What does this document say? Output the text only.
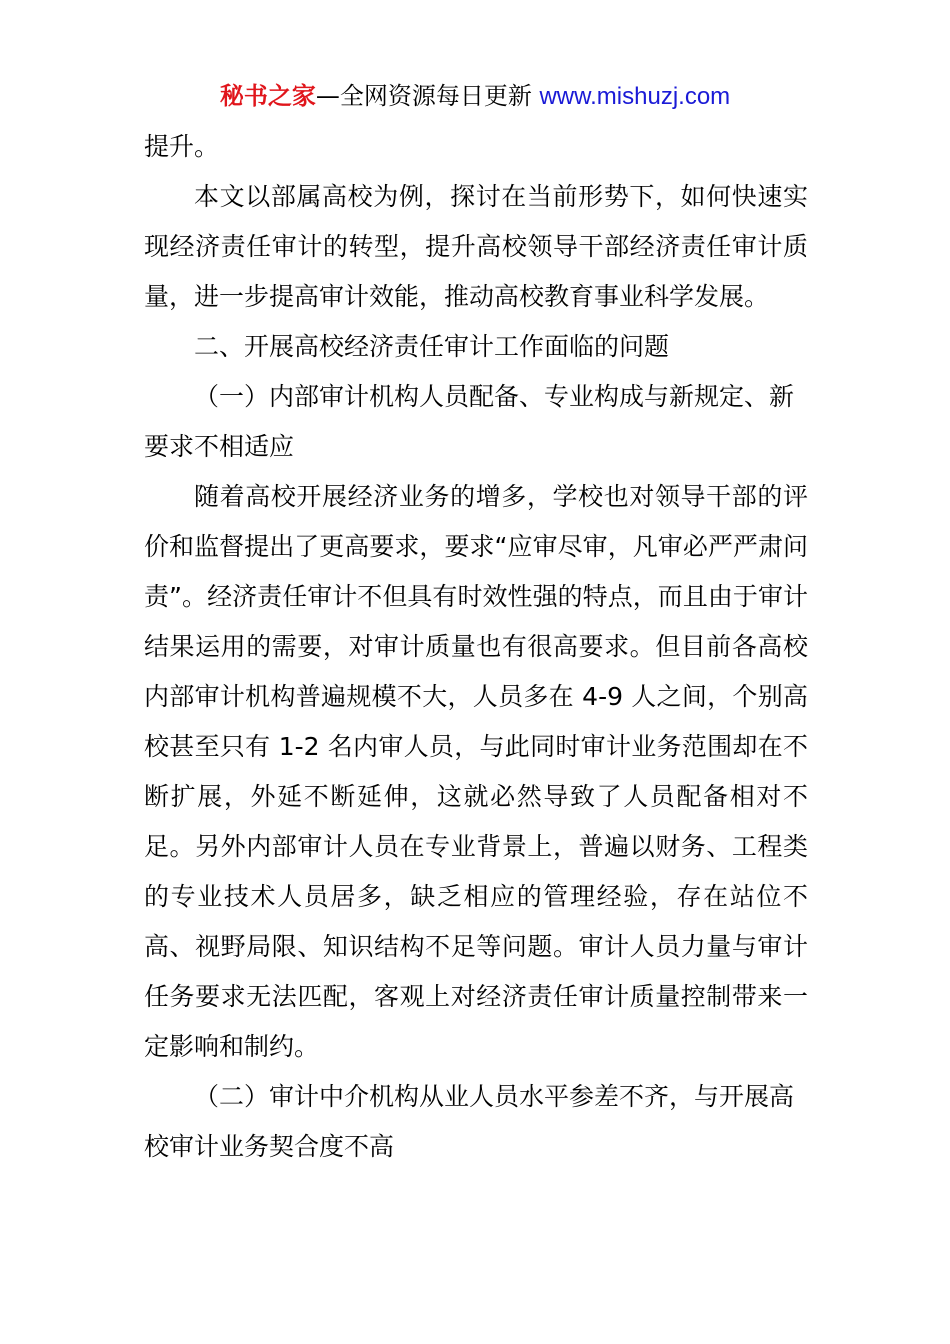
秘书之家—全网资源每日更新 www.mishuzj.com

提升。

本文以部属高校为例，探讨在当前形势下，如何快速实现经济责任审计的转型，提升高校领导干部经济责任审计质量，进一步提高审计效能，推动高校教育事业科学发展。

二、开展高校经济责任审计工作面临的问题

（一）内部审计机构人员配备、专业构成与新规定、新要求不相适应

随着高校开展经济业务的增多，学校也对领导干部的评价和监督提出了更高要求，要求“应审尽审，凡审必严严肃问责”。经济责任审计不但具有时效性强的特点，而且由于审计结果运用的需要，对审计质量也有很高要求。但目前各高校内部审计机构普遍规模不大，人员多在 4-9 人之间，个别高校甚至只有 1-2 名内审人员，与此同时审计业务范围却在不断扩展，外延不断延伸，这就必然导致了人员配备相对不足。另外内部审计人员在专业背景上，普遍以财务、工程类的专业技术人员居多，缺乏相应的管理经验，存在站位不高、视野局限、知识结构不足等问题。审计人员力量与审计任务要求无法匹配，客观上对经济责任审计质量控制带来一定影响和制约。

（二）审计中介机构从业人员水平参差不齐，与开展高校审计业务契合度不高
